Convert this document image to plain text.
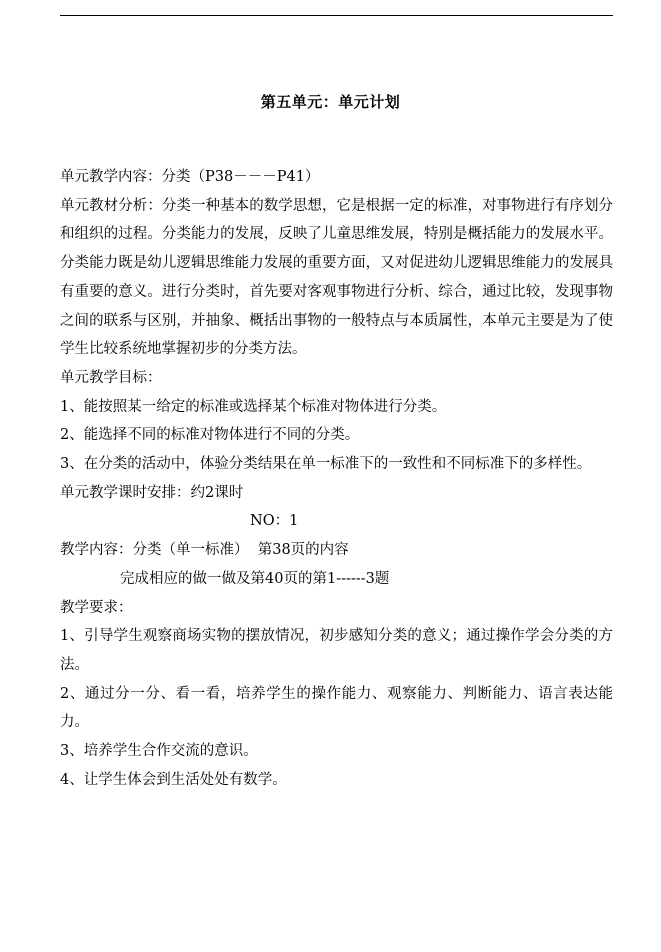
第五单元：单元计划

单元教学内容：分类（P38－－－P41）

单元教材分析：分类一种基本的数学思想，它是根据一定的标准，对事物进行有序划分和组织的过程。分类能力的发展，反映了儿童思维发展，特别是概括能力的发展水平。分类能力既是幼儿逻辑思维能力发展的重要方面，又对促进幼儿逻辑思维能力的发展具有重要的意义。进行分类时，首先要对客观事物进行分析、综合，通过比较，发现事物之间的联系与区别，并抽象、概括出事物的一般特点与本质属性，本单元主要是为了使学生比较系统地掌握初步的分类方法。

单元教学目标：

1、能按照某一给定的标准或选择某个标准对物体进行分类。

2、能选择不同的标准对物体进行不同的分类。

3、在分类的活动中，体验分类结果在单一标准下的一致性和不同标准下的多样性。

单元教学课时安排：约2课时

NO：1

教学内容：分类（单一标准）  第38页的内容

完成相应的做一做及第40页的第1------3题

教学要求：

1、引导学生观察商场实物的摆放情况，初步感知分类的意义；通过操作学会分类的方法。

2、通过分一分、看一看，培养学生的操作能力、观察能力、判断能力、语言表达能力。

3、培养学生合作交流的意识。

4、让学生体会到生活处处有数学。
